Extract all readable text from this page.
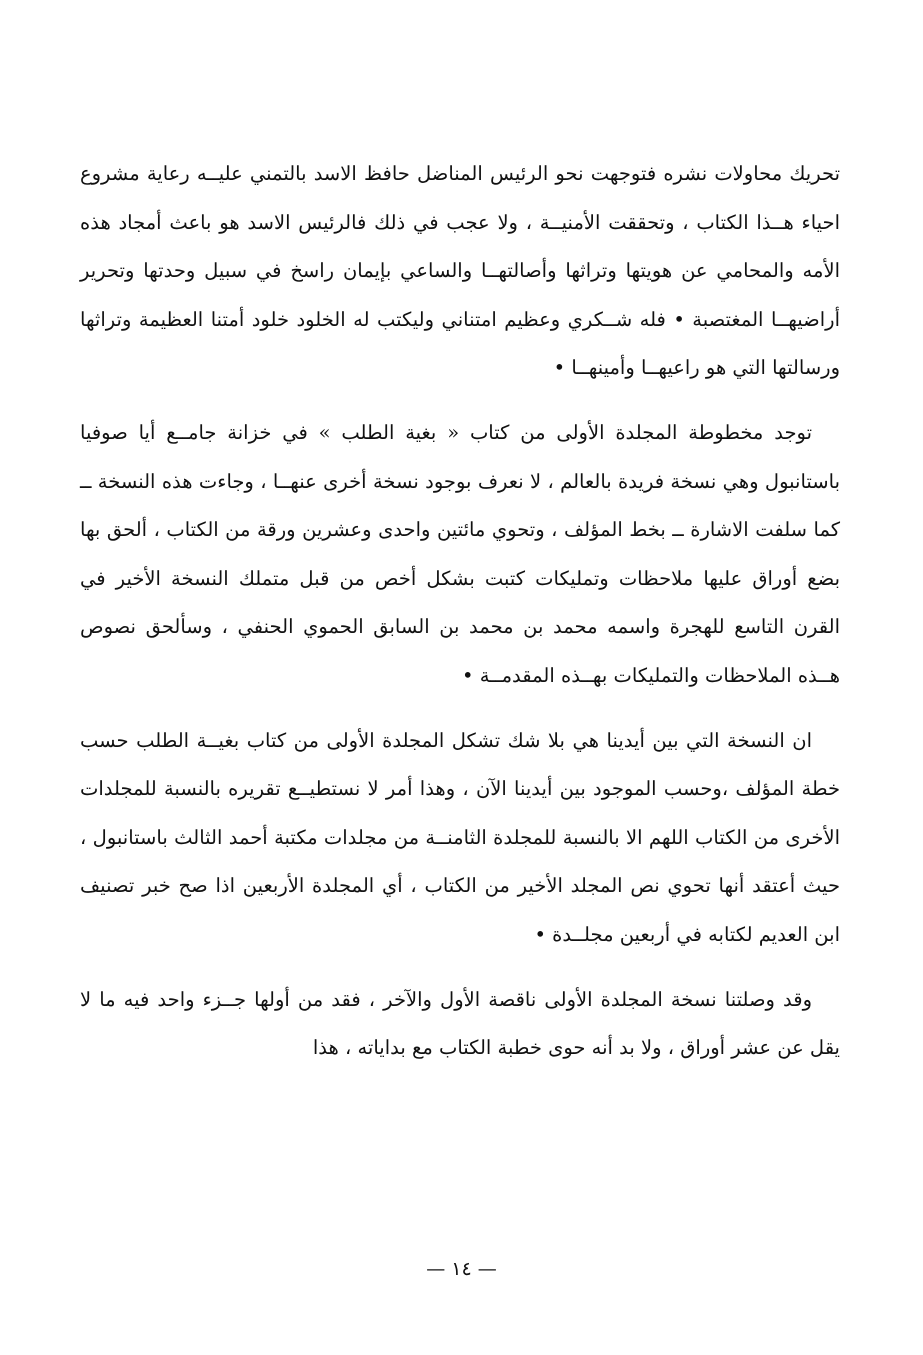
تحريك محاولات نشره فتوجهت نحو الرئيس المناضل حافظ الاسد بالتمني عليــه رعاية مشروع احياء هــذا الكتاب ، وتحققت الأمنيــة ، ولا عجب في ذلك فالرئيس الاسد هو باعث أمجاد هذه الأمه والمحامي عن هويتها وتراثها وأصالتهــا والساعي بإيمان راسخ في سبيل وحدتها وتحرير أراضيهــا المغتصبة • فله شــكري وعظيم امتناني وليكتب له الخلود خلود أمتنا العظيمة وتراثها ورسالتها التي هو راعيهــا وأمينهــا •

توجد مخطوطة المجلدة الأولى من كتاب « بغية الطلب » في خزانة جامــع أيا صوفيا باستانبول وهي نسخة فريدة بالعالم ، لا نعرف بوجود نسخة أخرى عنهــا ، وجاءت هذه النسخة ــ كما سلفت الاشارة ــ بخط المؤلف ، وتحوي مائتين واحدى وعشرين ورقة من الكتاب ، ألحق بها بضع أوراق عليها ملاحظات وتمليكات كتبت بشكل أخص من قبل متملك النسخة الأخير في القرن التاسع للهجرة واسمه محمد بن محمد بن السابق الحموي الحنفي ، وسألحق نصوص هــذه الملاحظات والتمليكات بهــذه المقدمــة •

ان النسخة التي بين أيدينا هي بلا شك تشكل المجلدة الأولى من كتاب بغيــة الطلب حسب خطة المؤلف ،وحسب الموجود بين أيدينا الآن ، وهذا أمر لا نستطيــع تقريره بالنسبة للمجلدات الأخرى من الكتاب اللهم الا بالنسبة للمجلدة الثامنــة من مجلدات مكتبة أحمد الثالث باستانبول ، حيث أعتقد أنها تحوي نص المجلد الأخير من الكتاب ، أي المجلدة الأربعين اذا صح خبر تصنيف ابن العديم لكتابه في أربعين مجلــدة •

وقد وصلتنا نسخة المجلدة الأولى ناقصة الأول والآخر ، فقد من أولها جــزء واحد فيه ما لا يقل عن عشر أوراق ، ولا بد أنه حوى خطبة الكتاب مع بداياته ، هذا

— ١٤ —
